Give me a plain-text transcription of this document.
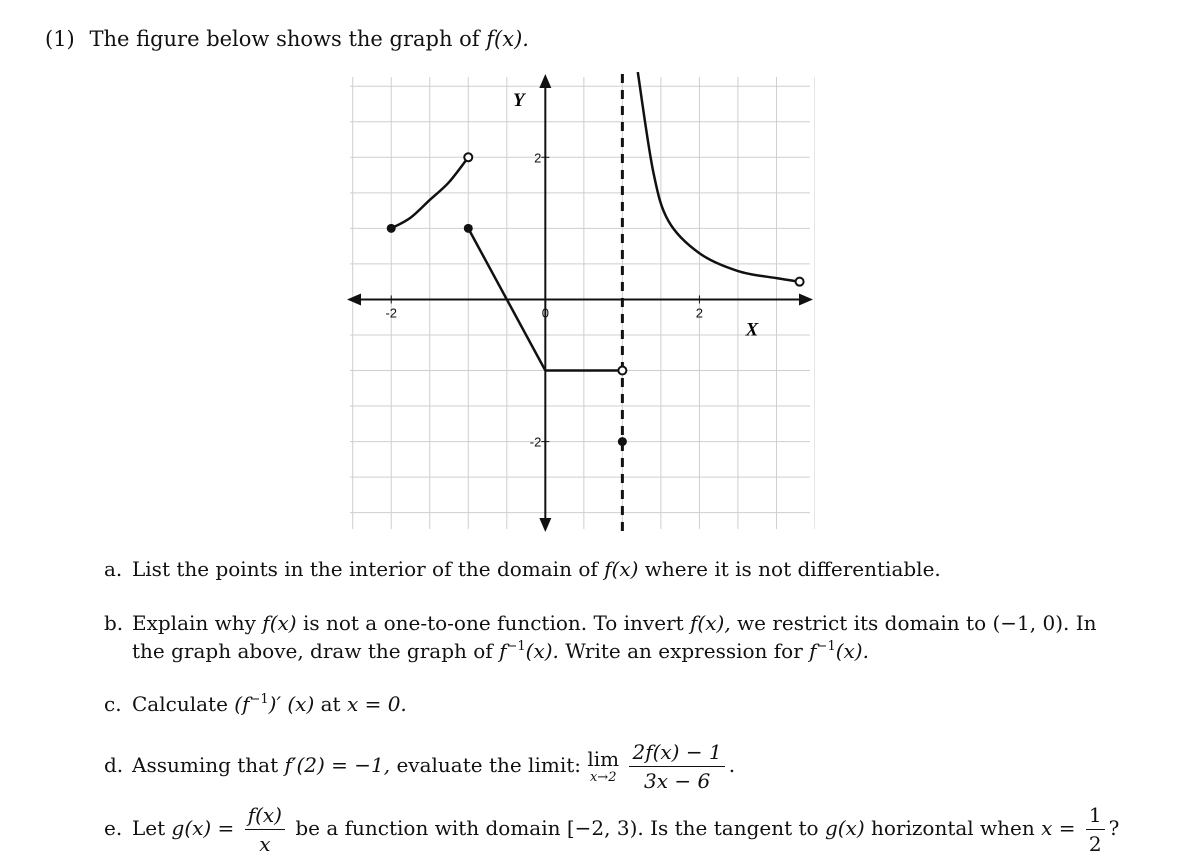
(1) The figure below shows the graph of f(x).
-2	0	2
2
-2
X
Y
a. List the points in the interior of the domain of f(x) where it is not differentiable.
b. Explain why f(x) is not a one-to-one function. To invert f(x), we restrict its domain to (−1, 0). In
the graph above, draw the graph of $f^{-1}(x)$. Write an expression for $f^{-1}(x)$.
c. Calculate $(f^{-1})'$ (x) at x = 0.
d. Assuming that f′(2) = −1, evaluate the limit: lim
x→2
$\frac{2f(x) - 1}{3x - 6}$ .
e. Let $g(x) = \frac{f(x)}{x}$ be a function with domain [−2, 3). Is the tangent to g(x) horizontal when $x = \frac{1}{2}$ ?
